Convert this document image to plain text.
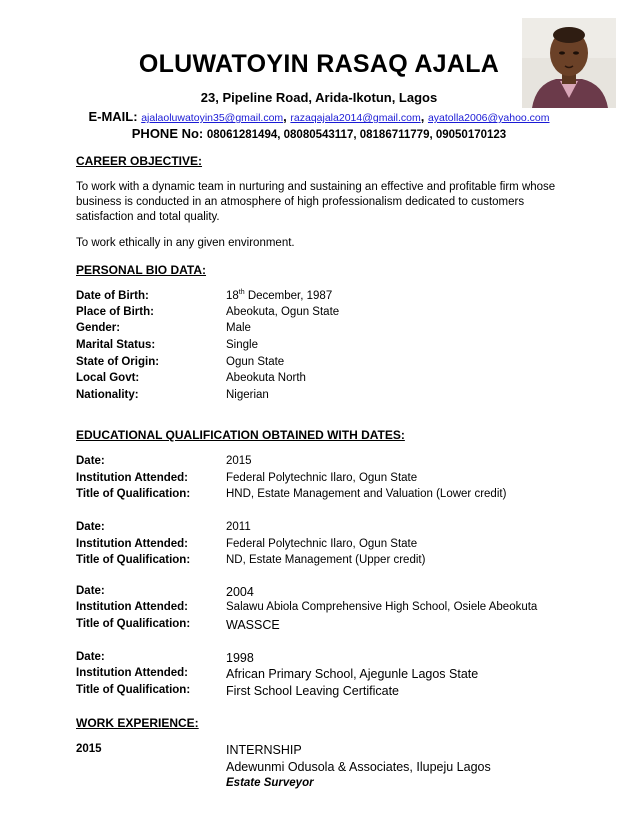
OLUWATOYIN RASAQ AJALA
23, Pipeline Road, Arida-Ikotun, Lagos
E-MAIL: ajalaoluwatoyin35@gmail.com, razaqajala2014@gmail.com, ayatolla2006@yahoo.com
PHONE No: 08061281494, 08080543117, 08186711779, 09050170123
CAREER OBJECTIVE:
To work with a dynamic team in nurturing and sustaining an effective and profitable firm whose
business is conducted in an atmosphere of high professionalism dedicated to customers
satisfaction and total quality.
To work ethically in any given environment.
PERSONAL BIO DATA:
Date of Birth:	18th December, 1987
Place of Birth:	Abeokuta, Ogun State
Gender:	Male
Marital Status:	Single
State of Origin:	Ogun State
Local Govt:	Abeokuta North
Nationality:	Nigerian
EDUCATIONAL QUALIFICATION OBTAINED WITH DATES:
Date:	2015
Institution Attended:	Federal Polytechnic Ilaro, Ogun State
Title of Qualification:	HND, Estate Management and Valuation (Lower credit)
Date:	2011
Institution Attended:	Federal Polytechnic Ilaro, Ogun State
Title of Qualification:	ND, Estate Management (Upper credit)
Date:	2004
Institution Attended:	Salawu Abiola Comprehensive High School, Osiele Abeokuta
Title of Qualification:	WASSCE
Date:	1998
Institution Attended:	African Primary School, Ajegunle Lagos State
Title of Qualification:	First School Leaving Certificate
WORK EXPERIENCE:
2015	INTERNSHIP
Adewunmi Odusola & Associates, Ilupeju Lagos
Estate Surveyor
